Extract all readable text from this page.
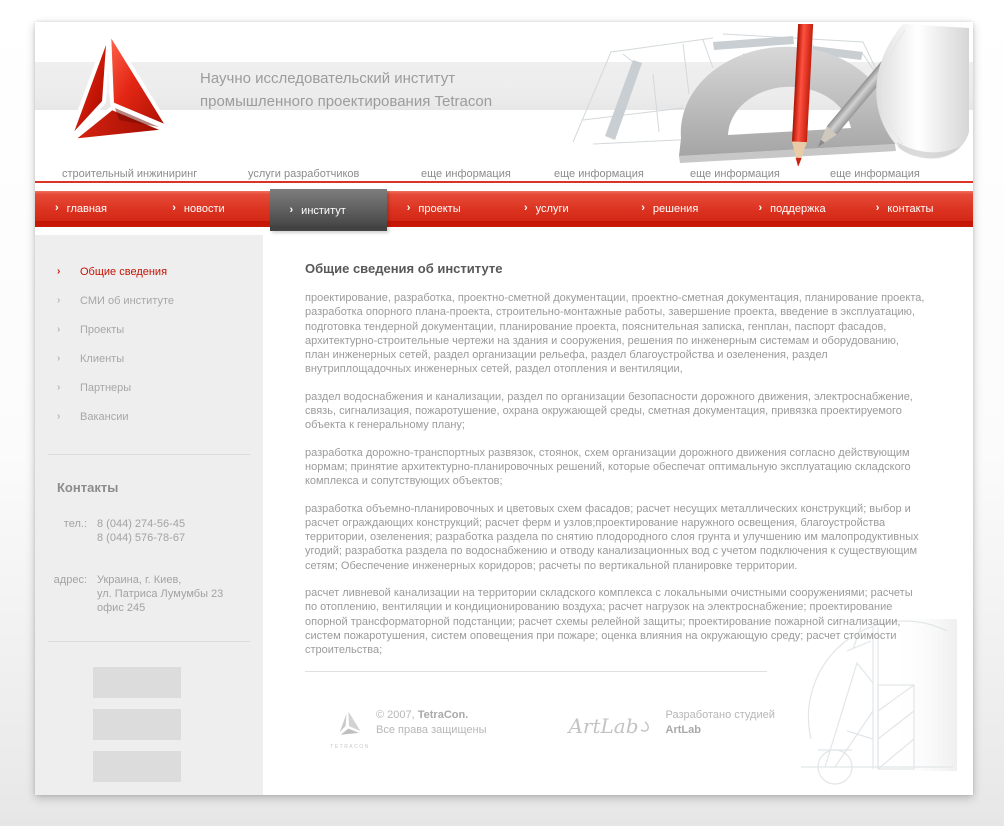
Научно исследовательский институт
промышленного проектирования Tetracon
строительный инжиниринг	услуги разработчиков	еще информация	еще информация	еще информация	еще информация
› главная	› новости	› институт	› проекты	› услуги	› решения	› поддержка	› контакты
›	Общие сведения
›	СМИ об институте
›	Проекты
›	Клиенты
›	Партнеры
›	Вакансии
Контакты
тел.: 8 (044) 274-56-45
8 (044) 576-78-67
адрес: Украина, г. Киев,
ул. Патриса Лумумбы 23
офис 245
Общие сведения об институте

проектирование, разработка, проектно-сметной документации, проектно-сметная документация, планирование проекта, разработка опорного плана-проекта, строительно-монтажные работы, завершение проекта, введение в эксплуатацию, подготовка тендерной документации, планирование проекта, пояснительная записка, генплан, паспорт фасадов, архитектурно-строительные чертежи на здания и сооружения, решения по инженерным системам и оборудованию, план инженерных сетей, раздел организации рельефа, раздел благоустройства и озеленения, раздел внутриплощадочных инженерных сетей, раздел отопления и вентиляции,

раздел водоснабжения и канализации, раздел по организации безопасности дорожного движения, электроснабжение, связь, сигнализация, пожаротушение, охрана окружающей среды, сметная документация, привязка проектируемого объекта к генеральному плану;

разработка дорожно-транспортных развязок, стоянок, схем организации дорожного движения согласно действующим нормам; принятие архитектурно-планировочных решений, которые обеспечат оптимальную эксплуатацию складского комплекса и сопутствующих объектов;

разработка объемно-планировочных и цветовых схем фасадов; расчет несущих металлических конструкций; выбор и расчет ограждающих конструкций; расчет ферм и узлов;проектирование наружного освещения, благоустройства территории, озеленения; разработка раздела по снятию плодородного слоя грунта и улучшению им малопродуктивных угодий; разработка раздела по водоснабжению и отводу канализационных вод с учетом подключения к существующим сетям; Обеспечение инженерных коридоров; расчеты по вертикальной планировке территории.

расчет ливневой канализации на территории складского комплекса с локальными очистными сооружениями; расчеты по отоплению, вентиляции и кондиционированию воздуха; расчет нагрузок на электроснабжение; проектирование опорной трансформаторной подстанции; расчет схемы релейной защиты; проектирование пожарной сигнализации, систем пожаротушения, систем оповещения при пожаре; оценка влияния на окружающую среду; расчет стоимости строительства;

TETRACON
© 2007, TetraCon.
Все права защищены	ArtLab	Разработано студией
ArtLab
